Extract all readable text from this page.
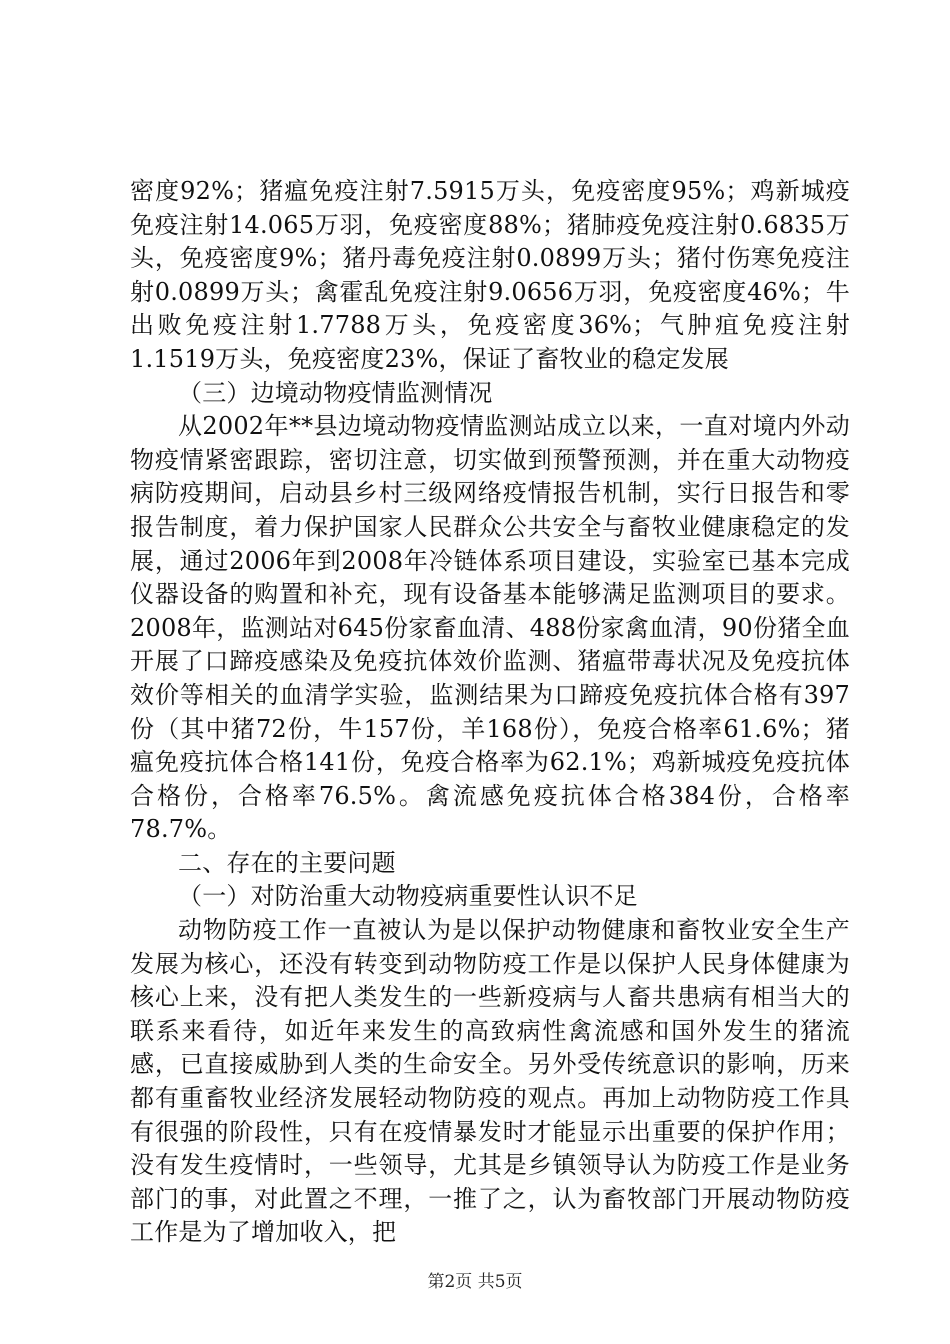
密度92%；猪瘟免疫注射7.5915万头，免疫密度95%；鸡新城疫免疫注射14.065万羽，免疫密度88%；猪肺疫免疫注射0.6835万头，免疫密度9%；猪丹毒免疫注射0.0899万头；猪付伤寒免疫注射0.0899万头；禽霍乱免疫注射9.0656万羽，免疫密度46%；牛出败免疫注射1.7788万头，免疫密度36%；气肿疽免疫注射1.1519万头，免疫密度23%，保证了畜牧业的稳定发展

（三）边境动物疫情监测情况

从2002年**县边境动物疫情监测站成立以来，一直对境内外动物疫情紧密跟踪，密切注意，切实做到预警预测，并在重大动物疫病防疫期间，启动县乡村三级网络疫情报告机制，实行日报告和零报告制度，着力保护国家人民群众公共安全与畜牧业健康稳定的发展，通过2006年到2008年冷链体系项目建设，实验室已基本完成仪器设备的购置和补充，现有设备基本能够满足监测项目的要求。2008年，监测站对645份家畜血清、488份家禽血清，90份猪全血开展了口蹄疫感染及免疫抗体效价监测、猪瘟带毒状况及免疫抗体效价等相关的血清学实验，监测结果为口蹄疫免疫抗体合格有397份（其中猪72份，牛157份，羊168份），免疫合格率61.6%；猪瘟免疫抗体合格141份，免疫合格率为62.1%；鸡新城疫免疫抗体合格份，合格率76.5%。禽流感免疫抗体合格384份，合格率78.7%。

二、存在的主要问题

（一）对防治重大动物疫病重要性认识不足

动物防疫工作一直被认为是以保护动物健康和畜牧业安全生产发展为核心，还没有转变到动物防疫工作是以保护人民身体健康为核心上来，没有把人类发生的一些新疫病与人畜共患病有相当大的联系来看待，如近年来发生的高致病性禽流感和国外发生的猪流感，已直接威胁到人类的生命安全。另外受传统意识的影响，历来都有重畜牧业经济发展轻动物防疫的观点。再加上动物防疫工作具有很强的阶段性，只有在疫情暴发时才能显示出重要的保护作用；没有发生疫情时，一些领导，尤其是乡镇领导认为防疫工作是业务部门的事，对此置之不理，一推了之，认为畜牧部门开展动物防疫工作是为了增加收入，把

第2页 共5页
